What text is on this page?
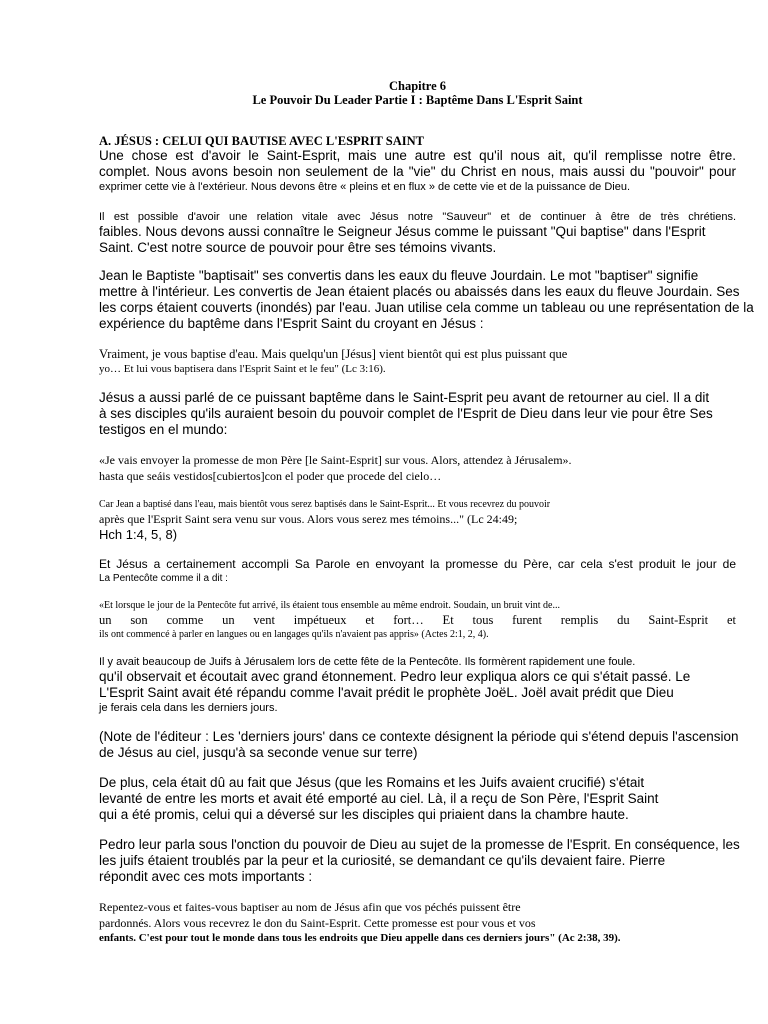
Chapitre 6

Le Pouvoir Du Leader Partie I : Baptême Dans L'Esprit Saint

A. JÉSUS : CELUI QUI BAUTISE AVEC L'ESPRIT SAINT

Une chose est d'avoir le Saint-Esprit, mais une autre est qu'il nous ait, qu'il remplisse notre être.
complet. Nous avons besoin non seulement de la "vie" du Christ en nous, mais aussi du "pouvoir" pour
exprimer cette vie à l'extérieur. Nous devons être « pleins et en flux » de cette vie et de la puissance de Dieu.
Il est possible d'avoir une relation vitale avec Jésus notre "Sauveur" et de continuer à être de très chrétiens.
faibles. Nous devons aussi connaître le Seigneur Jésus comme le puissant "Qui baptise" dans l'Esprit
Saint. C'est notre source de pouvoir pour être ses témoins vivants.
Jean le Baptiste "baptisait" ses convertis dans les eaux du fleuve Jourdain. Le mot "baptiser" signifie
mettre à l'intérieur. Les convertis de Jean étaient placés ou abaissés dans les eaux du fleuve Jourdain. Ses
les corps étaient couverts (inondés) par l'eau. Juan utilise cela comme un tableau ou une représentation de la
expérience du baptême dans l'Esprit Saint du croyant en Jésus :
Vraiment, je vous baptise d'eau. Mais quelqu'un [Jésus] vient bientôt qui est plus puissant que
yo… Et lui vous baptisera dans l'Esprit Saint et le feu" (Lc 3:16).
Jésus a aussi parlé de ce puissant baptême dans le Saint-Esprit peu avant de retourner au ciel. Il a dit
à ses disciples qu'ils auraient besoin du pouvoir complet de l'Esprit de Dieu dans leur vie pour être Ses
testigos en el mundo:
«Je vais envoyer la promesse de mon Père [le Saint-Esprit] sur vous. Alors, attendez à Jérusalem».
hasta que seáis vestidos[cubiertos]con el poder que procede del cielo…
Car Jean a baptisé dans l'eau, mais bientôt vous serez baptisés dans le Saint-Esprit... Et vous recevrez du pouvoir
après que l'Esprit Saint sera venu sur vous. Alors vous serez mes témoins..." (Lc 24:49;
Hch 1:4, 5, 8)
Et Jésus a certainement accompli Sa Parole en envoyant la promesse du Père, car cela s'est produit le jour de
La Pentecôte comme il a dit :
«Et lorsque le jour de la Pentecôte fut arrivé, ils étaient tous ensemble au même endroit. Soudain, un bruit vint de...
un son comme un vent impétueux et fort… Et tous furent remplis du Saint-Esprit et
ils ont commencé à parler en langues ou en langages qu'ils n'avaient pas appris» (Actes 2:1, 2, 4).
Il y avait beaucoup de Juifs à Jérusalem lors de cette fête de la Pentecôte. Ils formèrent rapidement une foule.
qu'il observait et écoutait avec grand étonnement. Pedro leur expliqua alors ce qui s'était passé. Le
L'Esprit Saint avait été répandu comme l'avait prédit le prophète JoëL. Joël avait prédit que Dieu
je ferais cela dans les derniers jours.
(Note de l'éditeur : Les 'derniers jours' dans ce contexte désignent la période qui s'étend depuis l'ascension
de Jésus au ciel, jusqu'à sa seconde venue sur terre)
De plus, cela était dû au fait que Jésus (que les Romains et les Juifs avaient crucifié) s'était
levanté de entre les morts et avait été emporté au ciel. Là, il a reçu de Son Père, l'Esprit Saint
qui a été promis, celui qui a déversé sur les disciples qui priaient dans la chambre haute.
Pedro leur parla sous l'onction du pouvoir de Dieu au sujet de la promesse de l'Esprit. En conséquence, les
les juifs étaient troublés par la peur et la curiosité, se demandant ce qu'ils devaient faire. Pierre
répondit avec ces mots importants :
Repentez-vous et faites-vous baptiser au nom de Jésus afin que vos péchés puissent être
pardonnés. Alors vous recevrez le don du Saint-Esprit. Cette promesse est pour vous et vos
enfants. C'est pour tout le monde dans tous les endroits que Dieu appelle dans ces derniers jours" (Ac 2:38, 39).
